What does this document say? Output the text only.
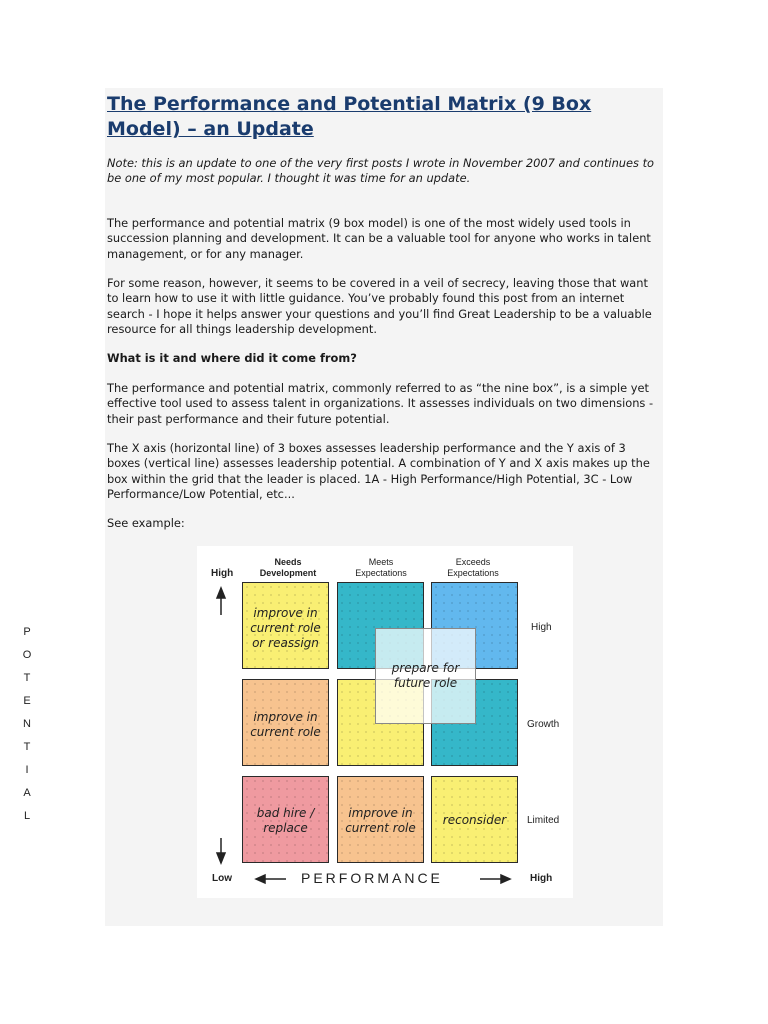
The Performance and Potential Matrix (9 Box Model) – an Update

Note: this is an update to one of the very first posts I wrote in November 2007 and continues to be one of my most popular. I thought it was time for an update.

The performance and potential matrix (9 box model) is one of the most widely used tools in succession planning and development. It can be a valuable tool for anyone who works in talent management, or for any manager.

For some reason, however, it seems to be covered in a veil of secrecy, leaving those that want to learn how to use it with little guidance. You’ve probably found this post from an internet search - I hope it helps answer your questions and you’ll find Great Leadership to be a valuable resource for all things leadership development.

What is it and where did it come from?

The performance and potential matrix, commonly referred to as “the nine box”, is a simple yet effective tool used to assess talent in organizations. It assesses individuals on two dimensions - their past performance and their future potential.

The X axis (horizontal line) of 3 boxes assesses leadership performance and the Y axis of 3 boxes (vertical line) assesses leadership potential. A combination of Y and X axis makes up the box within the grid that the leader is placed. 1A - High Performance/High Potential, 3C - Low Performance/Low Potential, etc...

See example:

Needs
Development
Meets
Expectations
Exceeds
Expectations
High
P
O
T
E
N
T
I
A
L
improve in
current role
or reassign
improve in
current role
bad hire /
replace
improve in
current role
reconsider
prepare for
future role
High
Growth
Limited
Low	PERFORMANCE	High
